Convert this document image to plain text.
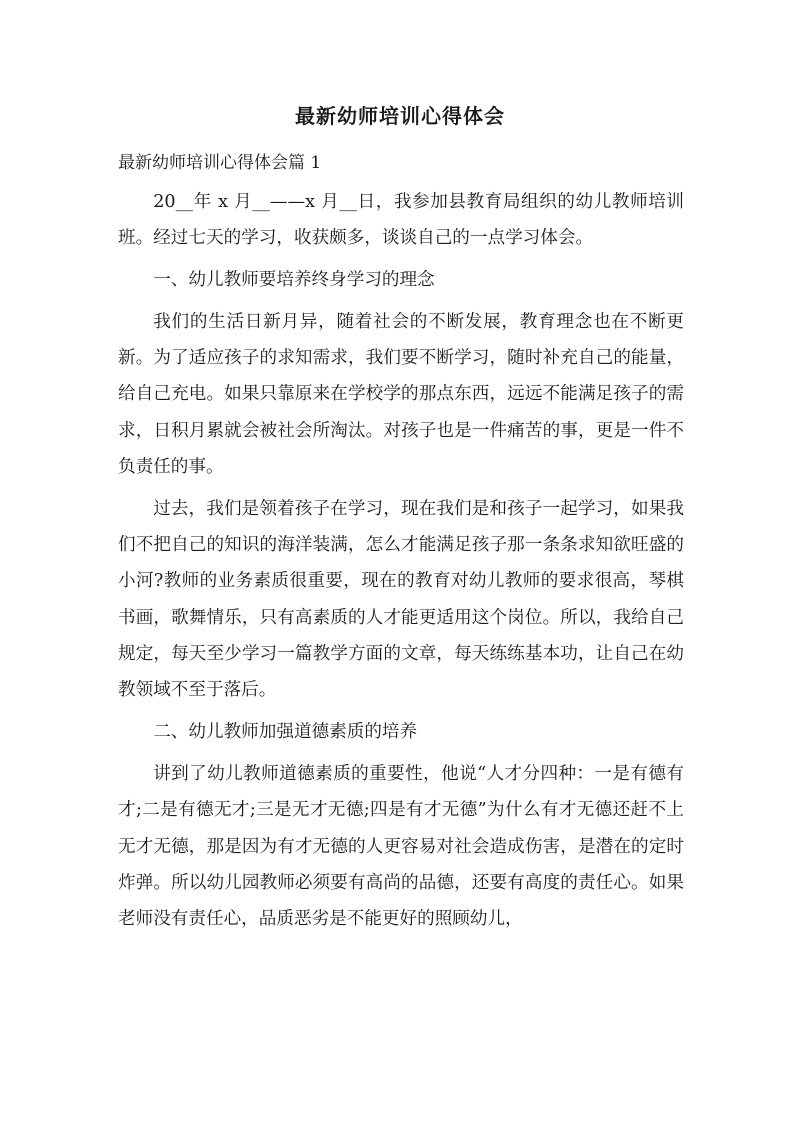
最新幼师培训心得体会
最新幼师培训心得体会篇 1

20__年 x 月__——x 月__日，我参加县教育局组织的幼儿教师培训班。经过七天的学习，收获颇多，谈谈自己的一点学习体会。

一、幼儿教师要培养终身学习的理念

我们的生活日新月异，随着社会的不断发展，教育理念也在不断更新。为了适应孩子的求知需求，我们要不断学习，随时补充自己的能量，给自己充电。如果只靠原来在学校学的那点东西，远远不能满足孩子的需求，日积月累就会被社会所淘汰。对孩子也是一件痛苦的事，更是一件不负责任的事。

过去，我们是领着孩子在学习，现在我们是和孩子一起学习，如果我们不把自己的知识的海洋装满，怎么才能满足孩子那一条条求知欲旺盛的小河?教师的业务素质很重要，现在的教育对幼儿教师的要求很高，琴棋书画，歌舞情乐，只有高素质的人才能更适用这个岗位。所以，我给自己规定，每天至少学习一篇教学方面的文章，每天练练基本功，让自己在幼教领域不至于落后。

二、幼儿教师加强道德素质的培养

讲到了幼儿教师道德素质的重要性，他说“人才分四种：一是有德有才;二是有德无才;三是无才无德;四是有才无德”为什么有才无德还赶不上无才无德，那是因为有才无德的人更容易对社会造成伤害，是潜在的定时炸弹。所以幼儿园教师必须要有高尚的品德，还要有高度的责任心。如果老师没有责任心，品质恶劣是不能更好的照顾幼儿，
